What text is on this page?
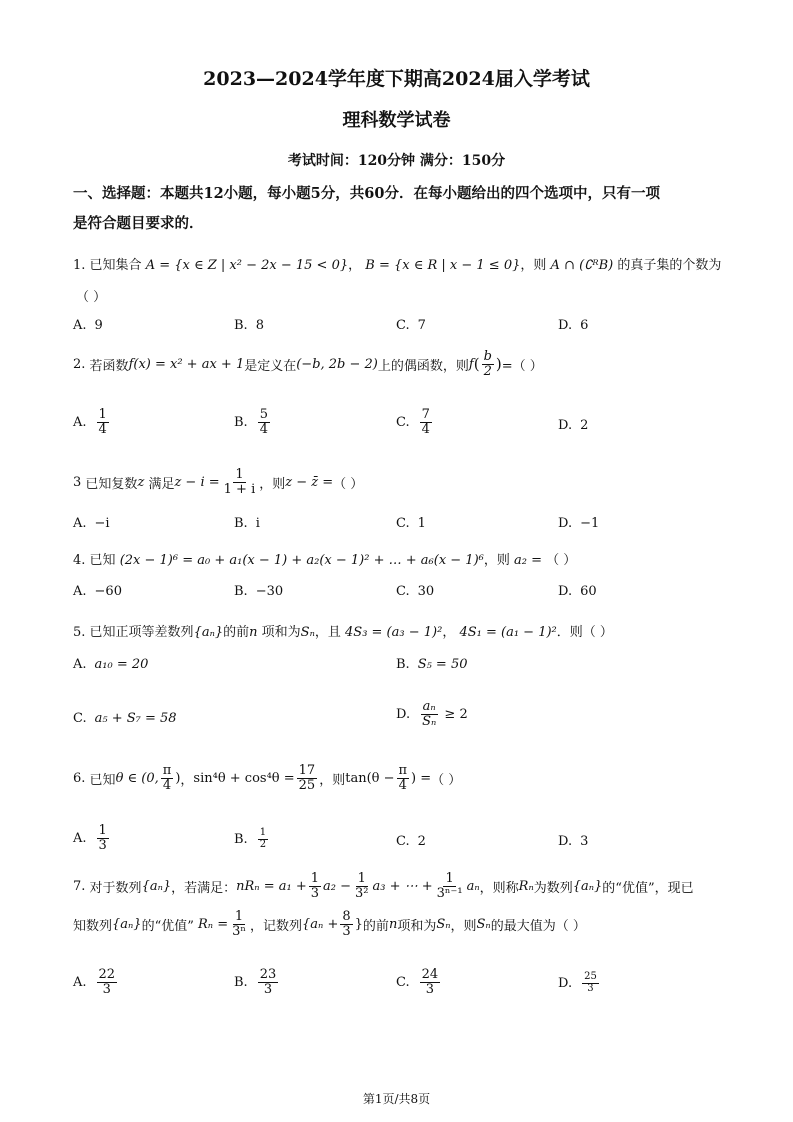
2023—2024学年度下期高2024届入学考试
理科数学试卷
考试时间：120分钟 满分：150分
一、选择题：本题共12小题，每小题5分，共60分．在每小题给出的四个选项中，只有一项
是符合题目要求的．
1. 已知集合 A = {x ∈ Z | x² − 2x − 15 < 0}， B = {x ∈ R | x − 1 ≤ 0}，则 A ∩ (∁ᴿB) 的真子集的个数为
（ ）
A. 9	B. 8	C. 7	D. 6
2.
若函数 f(x) = x² + ax + 1 是定义在 (−b, 2b − 2) 上的偶函数，则 f ( $\frac{b}{2}$ ) =（ ）
A. $\frac{1}{4}$	B. $\frac{5}{4}$	C. $\frac{7}{4}$	D. 2
3
已知复数 z
满足 $z - i = \frac{1}{1 + i}$ ，则 z − z̄ = （ ）
A. −i	B. i	C. 1	D. −1
4. 已知 (2x − 1)⁶ = a₀ + a₁(x − 1) + a₂(x − 1)² + … + a₆(x − 1)⁶，则 a₂ = （ ）
A. −60	B. −30	C. 30	D. 60
5. 已知正项等差数列{aₙ}的前n 项和为Sₙ，且 4S₃ = (a₃ − 1)²， 4S₁ = (a₁ − 1)²．则（ ）
A. a₁₀ = 20	B. S₅ = 50
C. a₅ + S₇ = 58	D. $\frac{\text{aₙ}}{\text{Sₙ}}$
≥ 2
6.
已知 θ ∈ (0, $\frac{\pi}{4}$ ) ， $\sin^4\theta + \cos^4\theta = \frac{17}{25}$ ，则 $\tan(\theta - \frac{\pi}{4}$ ) = （ ）
A. $\frac{1}{3}$	B. $\frac{1}{2}$	C. 2	D. 3
7.
对于数列 {aₙ} ，若满足： $nR_n = a_1 + \frac{1}{3} a_2 - \frac{1}{\text{3²}} a_3$ + ⋯ + $\frac{1}{\text{3ⁿ⁻¹}}$ aₙ ，则称 Rₙ 为数列 {aₙ} 的“优值”，现已
知数列 {aₙ} 的“优值”
$R_n = \frac{1}{\text{3ⁿ}}$ ，记数列 {$a_n + \frac{8}{3}$ } 的前 n 项和为 Sₙ ，则 Sₙ 的最大值为（ ）
A. $\frac{22}{3}$	B. $\frac{23}{3}$	C. $\frac{24}{3}$	D. $\frac{25}{3}$
第1页/共8页
